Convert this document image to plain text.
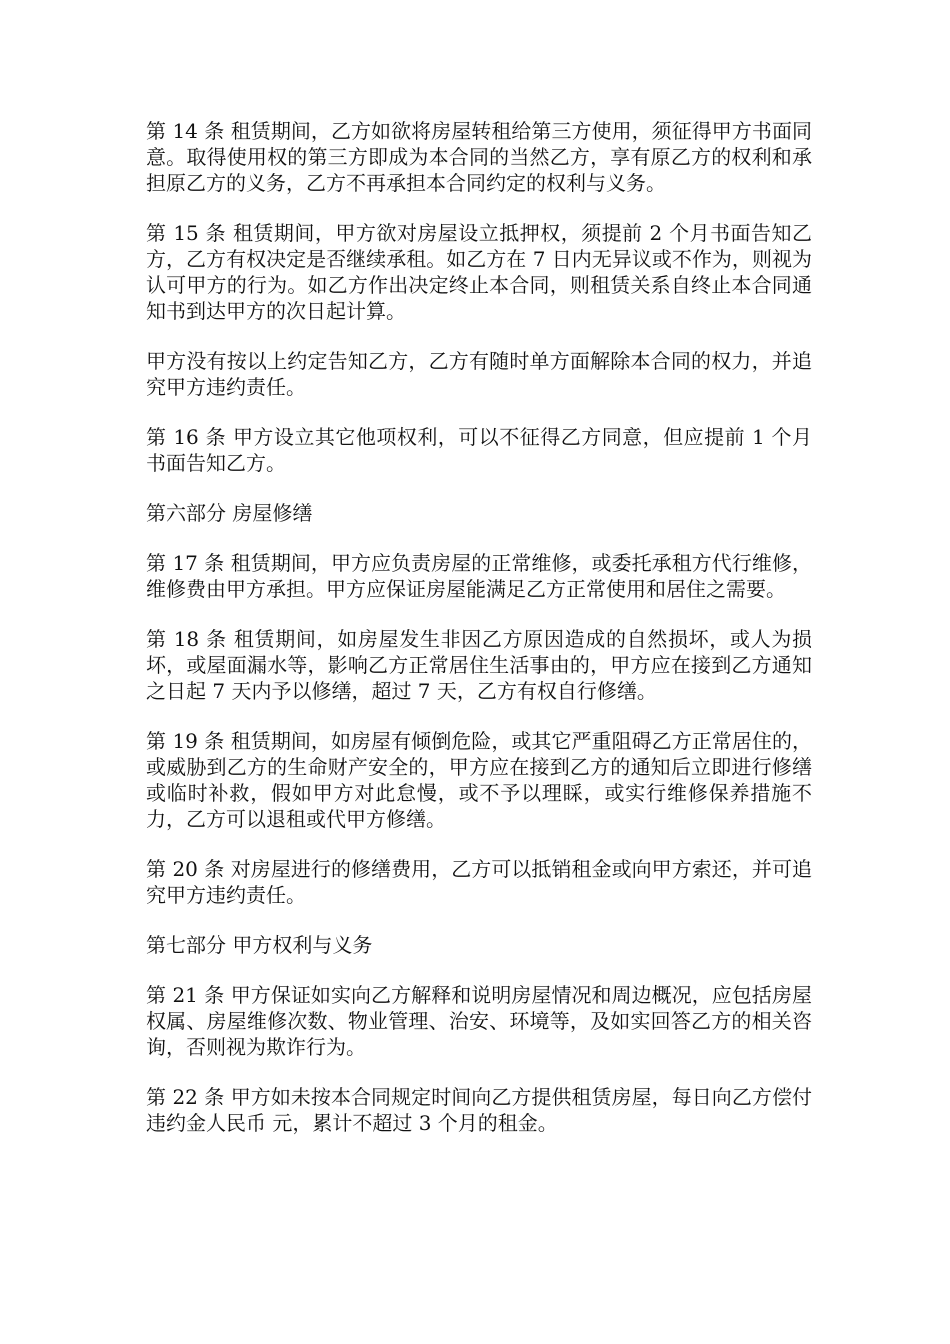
第 14 条 租赁期间，乙方如欲将房屋转租给第三方使用，须征得甲方书面同意。取得使用权的第三方即成为本合同的当然乙方，享有原乙方的权利和承担原乙方的义务，乙方不再承担本合同约定的权利与义务。

第 15 条 租赁期间，甲方欲对房屋设立抵押权，须提前 2 个月书面告知乙方，乙方有权决定是否继续承租。如乙方在 7 日内无异议或不作为，则视为认可甲方的行为。如乙方作出决定终止本合同，则租赁关系自终止本合同通知书到达甲方的次日起计算。

甲方没有按以上约定告知乙方，乙方有随时单方面解除本合同的权力，并追究甲方违约责任。

第 16 条 甲方设立其它他项权利，可以不征得乙方同意，但应提前 1 个月书面告知乙方。

第六部分 房屋修缮

第 17 条 租赁期间，甲方应负责房屋的正常维修，或委托承租方代行维修，维修费由甲方承担。甲方应保证房屋能满足乙方正常使用和居住之需要。

第 18 条 租赁期间，如房屋发生非因乙方原因造成的自然损坏，或人为损坏，或屋面漏水等，影响乙方正常居住生活事由的，甲方应在接到乙方通知之日起 7 天内予以修缮，超过 7 天，乙方有权自行修缮。

第 19 条 租赁期间，如房屋有倾倒危险，或其它严重阻碍乙方正常居住的，或威胁到乙方的生命财产安全的，甲方应在接到乙方的通知后立即进行修缮或临时补救，假如甲方对此怠慢，或不予以理睬，或实行维修保养措施不力，乙方可以退租或代甲方修缮。

第 20 条 对房屋进行的修缮费用，乙方可以抵销租金或向甲方索还，并可追究甲方违约责任。

第七部分 甲方权利与义务

第 21 条 甲方保证如实向乙方解释和说明房屋情况和周边概况，应包括房屋权属、房屋维修次数、物业管理、治安、环境等，及如实回答乙方的相关咨询，否则视为欺诈行为。

第 22 条 甲方如未按本合同规定时间向乙方提供租赁房屋，每日向乙方偿付违约金人民币 元，累计不超过 3 个月的租金。
